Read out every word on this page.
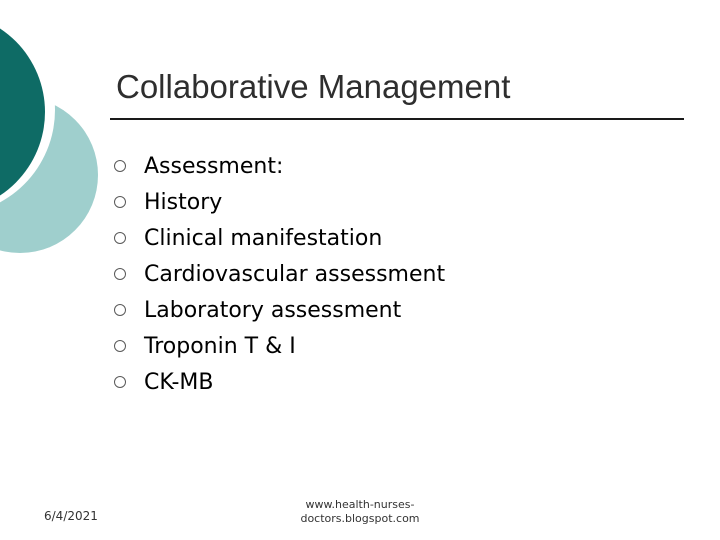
Collaborative Management
Assessment:
History
Clinical manifestation
Cardiovascular assessment
Laboratory assessment
Troponin T & I
CK-MB
6/4/2021
www.health-nurses-
doctors.blogspot.com
